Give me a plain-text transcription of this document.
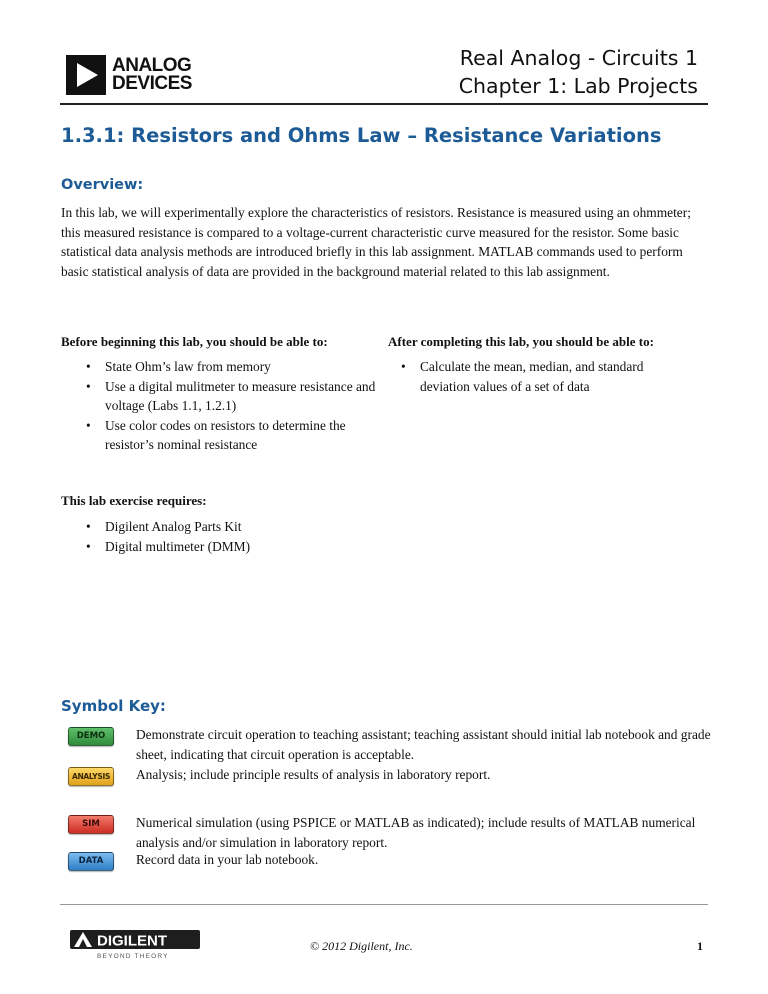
ANALOG
DEVICES
Real Analog - Circuits 1
Chapter 1: Lab Projects
1.3.1: Resistors and Ohms Law – Resistance Variations
Overview:

In this lab, we will experimentally explore the characteristics of resistors. Resistance is measured using an ohmmeter; this measured resistance is compared to a voltage-current characteristic curve measured for the resistor. Some basic statistical data analysis methods are introduced briefly in this lab assignment. MATLAB commands used to perform basic statistical analysis of data are provided in the background material related to this lab assignment.

Before beginning this lab, you should be able to:
• State Ohm’s law from memory
• Use a digital mulitmeter to measure resistance and voltage (Labs 1.1, 1.2.1)
• Use color codes on resistors to determine the resistor’s nominal resistance
After completing this lab, you should be able to:
• Calculate the mean, median, and standard deviation values of a set of data
This lab exercise requires:
• Digilent Analog Parts Kit
• Digital multimeter (DMM)
Symbol Key:
DEMO	Demonstrate circuit operation to teaching assistant; teaching assistant should initial lab notebook and grade sheet, indicating that circuit operation is acceptable.

ANALYSIS Analysis; include principle results of analysis in laboratory report.

SIM	Numerical simulation (using PSPICE or MATLAB as indicated); include results of MATLAB numerical analysis and/or simulation in laboratory report.

DATA	Record data in your lab notebook.

DIGILENT
BEYOND THEORY
© 2012 Digilent, Inc.	1
